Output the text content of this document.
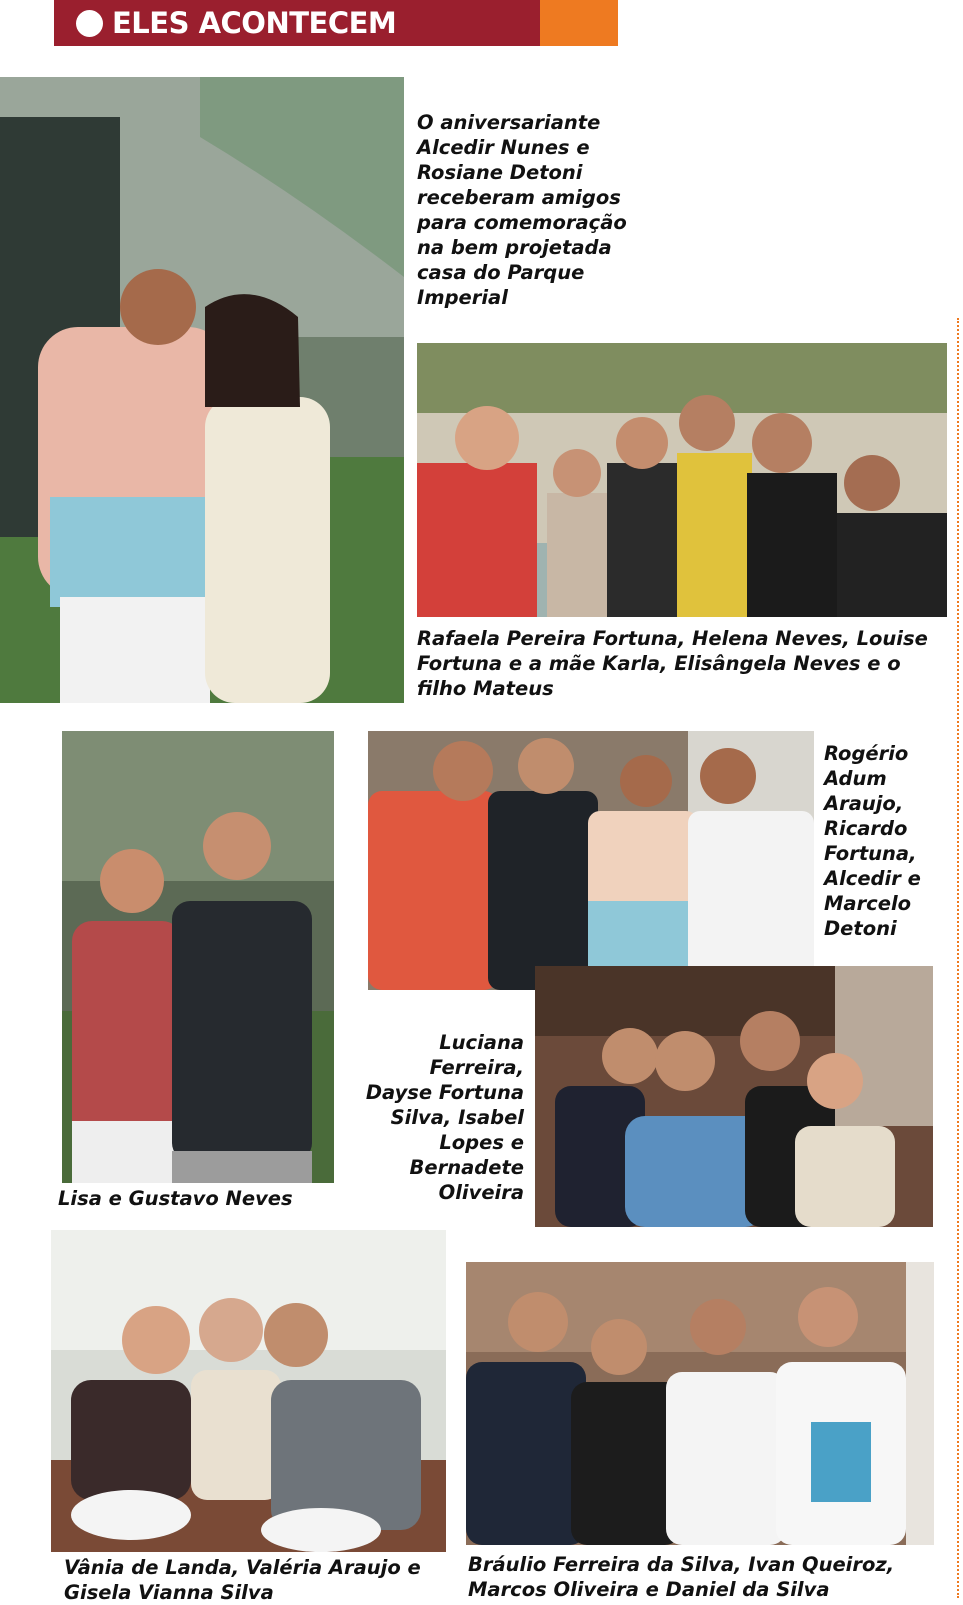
ELES ACONTECEM
O aniversariante Alcedir Nunes e Rosiane Detoni receberam amigos para comemoração na bem projetada casa do Parque Imperial
Rafaela Pereira Fortuna, Helena Neves, Louise Fortuna e a mãe Karla, Elisângela Neves e o filho Mateus
Lisa e Gustavo Neves
Rogério Adum Araujo, Ricardo Fortuna, Alcedir e Marcelo Detoni
Luciana Ferreira, Dayse Fortuna Silva, Isabel Lopes e Bernadete Oliveira
Vânia de Landa, Valéria Araujo e Gisela Vianna Silva
Bráulio Ferreira da Silva, Ivan Queiroz, Marcos Oliveira e Daniel da Silva
